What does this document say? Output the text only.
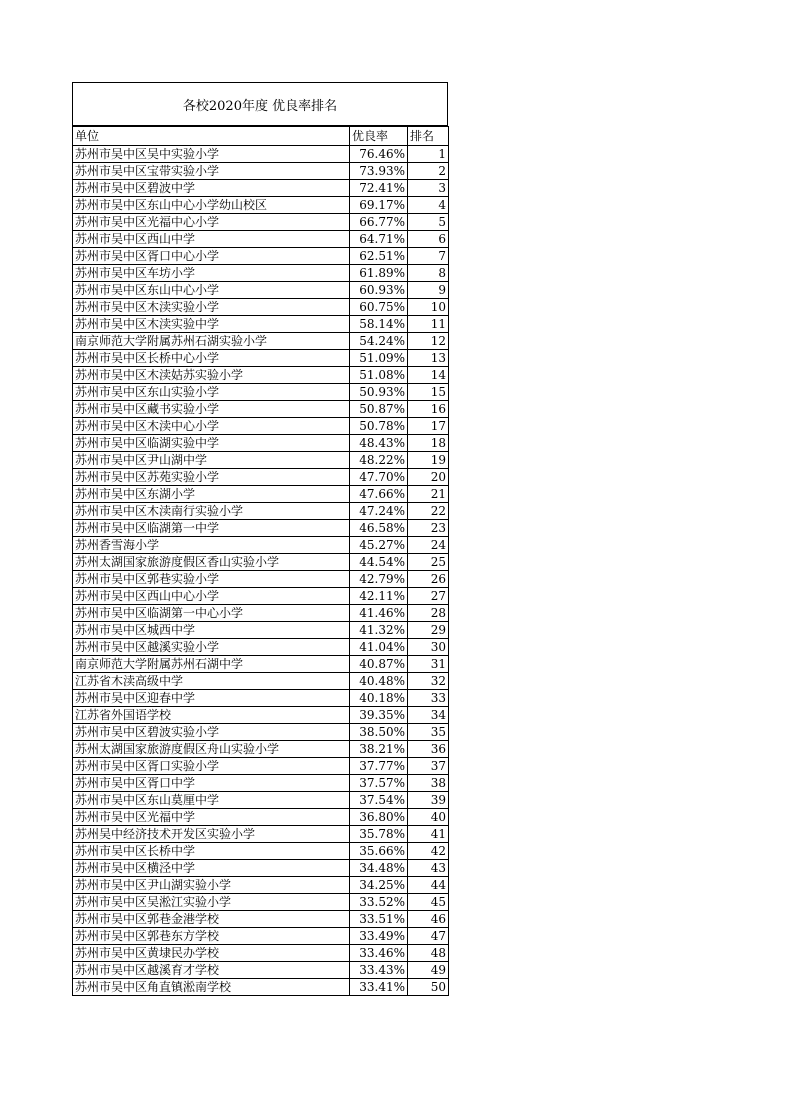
各校2020年度 优良率排名
单位	优良率	排名
苏州市吴中区吴中实验小学	76.46%	1
苏州市吴中区宝带实验小学	73.93%	2
苏州市吴中区碧波中学	72.41%	3
苏州市吴中区东山中心小学幼山校区	69.17%	4
苏州市吴中区光福中心小学	66.77%	5
苏州市吴中区西山中学	64.71%	6
苏州市吴中区胥口中心小学	62.51%	7
苏州市吴中区车坊小学	61.89%	8
苏州市吴中区东山中心小学	60.93%	9
苏州市吴中区木渎实验小学	60.75%	10
苏州市吴中区木渎实验中学	58.14%	11
南京师范大学附属苏州石湖实验小学	54.24%	12
苏州市吴中区长桥中心小学	51.09%	13
苏州市吴中区木渎姑苏实验小学	51.08%	14
苏州市吴中区东山实验小学	50.93%	15
苏州市吴中区藏书实验小学	50.87%	16
苏州市吴中区木渎中心小学	50.78%	17
苏州市吴中区临湖实验中学	48.43%	18
苏州市吴中区尹山湖中学	48.22%	19
苏州市吴中区苏苑实验小学	47.70%	20
苏州市吴中区东湖小学	47.66%	21
苏州市吴中区木渎南行实验小学	47.24%	22
苏州市吴中区临湖第一中学	46.58%	23
苏州香雪海小学	45.27%	24
苏州太湖国家旅游度假区香山实验小学	44.54%	25
苏州市吴中区郭巷实验小学	42.79%	26
苏州市吴中区西山中心小学	42.11%	27
苏州市吴中区临湖第一中心小学	41.46%	28
苏州市吴中区城西中学	41.32%	29
苏州市吴中区越溪实验小学	41.04%	30
南京师范大学附属苏州石湖中学	40.87%	31
江苏省木渎高级中学	40.48%	32
苏州市吴中区迎春中学	40.18%	33
江苏省外国语学校	39.35%	34
苏州市吴中区碧波实验小学	38.50%	35
苏州太湖国家旅游度假区舟山实验小学	38.21%	36
苏州市吴中区胥口实验小学	37.77%	37
苏州市吴中区胥口中学	37.57%	38
苏州市吴中区东山莫厘中学	37.54%	39
苏州市吴中区光福中学	36.80%	40
苏州吴中经济技术开发区实验小学	35.78%	41
苏州市吴中区长桥中学	35.66%	42
苏州市吴中区横泾中学	34.48%	43
苏州市吴中区尹山湖实验小学	34.25%	44
苏州市吴中区吴淞江实验小学	33.52%	45
苏州市吴中区郭巷金港学校	33.51%	46
苏州市吴中区郭巷东方学校	33.49%	47
苏州市吴中区黄埭民办学校	33.46%	48
苏州市吴中区越溪育才学校	33.43%	49
苏州市吴中区角直镇淞南学校	33.41%	50
